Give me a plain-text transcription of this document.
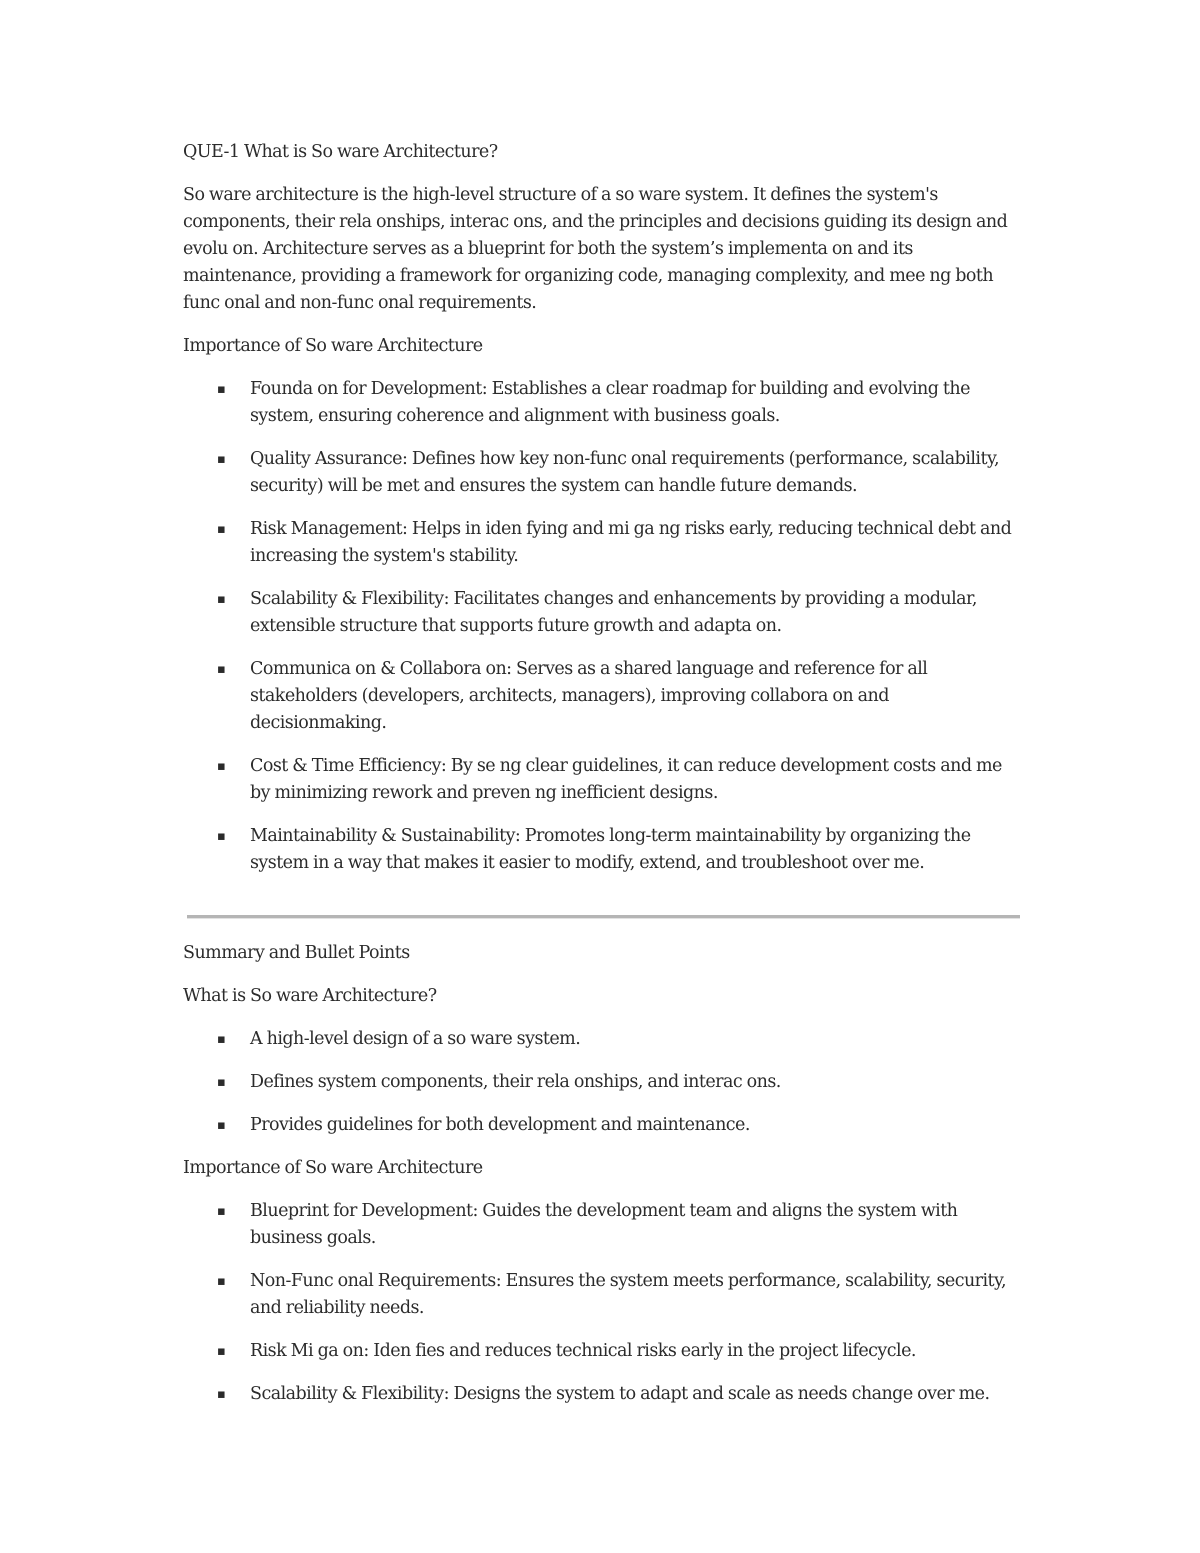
QUE-1 What is So ware Architecture?
So ware architecture is the high-level structure of a so ware system. It defines the system's components, their rela onships, interac ons, and the principles and decisions guiding its design and evolu on. Architecture serves as a blueprint for both the system’s implementa on and its maintenance, providing a framework for organizing code, managing complexity, and mee ng both func onal and non-func onal requirements.
Importance of So ware Architecture
▪ Founda on for Development: Establishes a clear roadmap for building and evolving the system, ensuring coherence and alignment with business goals.
▪ Quality Assurance: Defines how key non-func onal requirements (performance, scalability, security) will be met and ensures the system can handle future demands.
▪ Risk Management: Helps in iden fying and mi ga ng risks early, reducing technical debt and increasing the system's stability.
▪ Scalability & Flexibility: Facilitates changes and enhancements by providing a modular, extensible structure that supports future growth and adapta on.
▪ Communica on & Collabora on: Serves as a shared language and reference for all stakeholders (developers, architects, managers), improving collabora on and decisionmaking.
▪ Cost & Time Efficiency: By se ng clear guidelines, it can reduce development costs and me by minimizing rework and preven ng inefficient designs.
▪ Maintainability & Sustainability: Promotes long-term maintainability by organizing the system in a way that makes it easier to modify, extend, and troubleshoot over me.
Summary and Bullet Points
What is So ware Architecture?
▪ A high-level design of a so ware system.
▪ Defines system components, their rela onships, and interac ons.
▪ Provides guidelines for both development and maintenance.
Importance of So ware Architecture
▪ Blueprint for Development: Guides the development team and aligns the system with business goals.
▪ Non-Func onal Requirements: Ensures the system meets performance, scalability, security, and reliability needs.
▪ Risk Mi ga on: Iden fies and reduces technical risks early in the project lifecycle.
▪ Scalability & Flexibility: Designs the system to adapt and scale as needs change over me.
